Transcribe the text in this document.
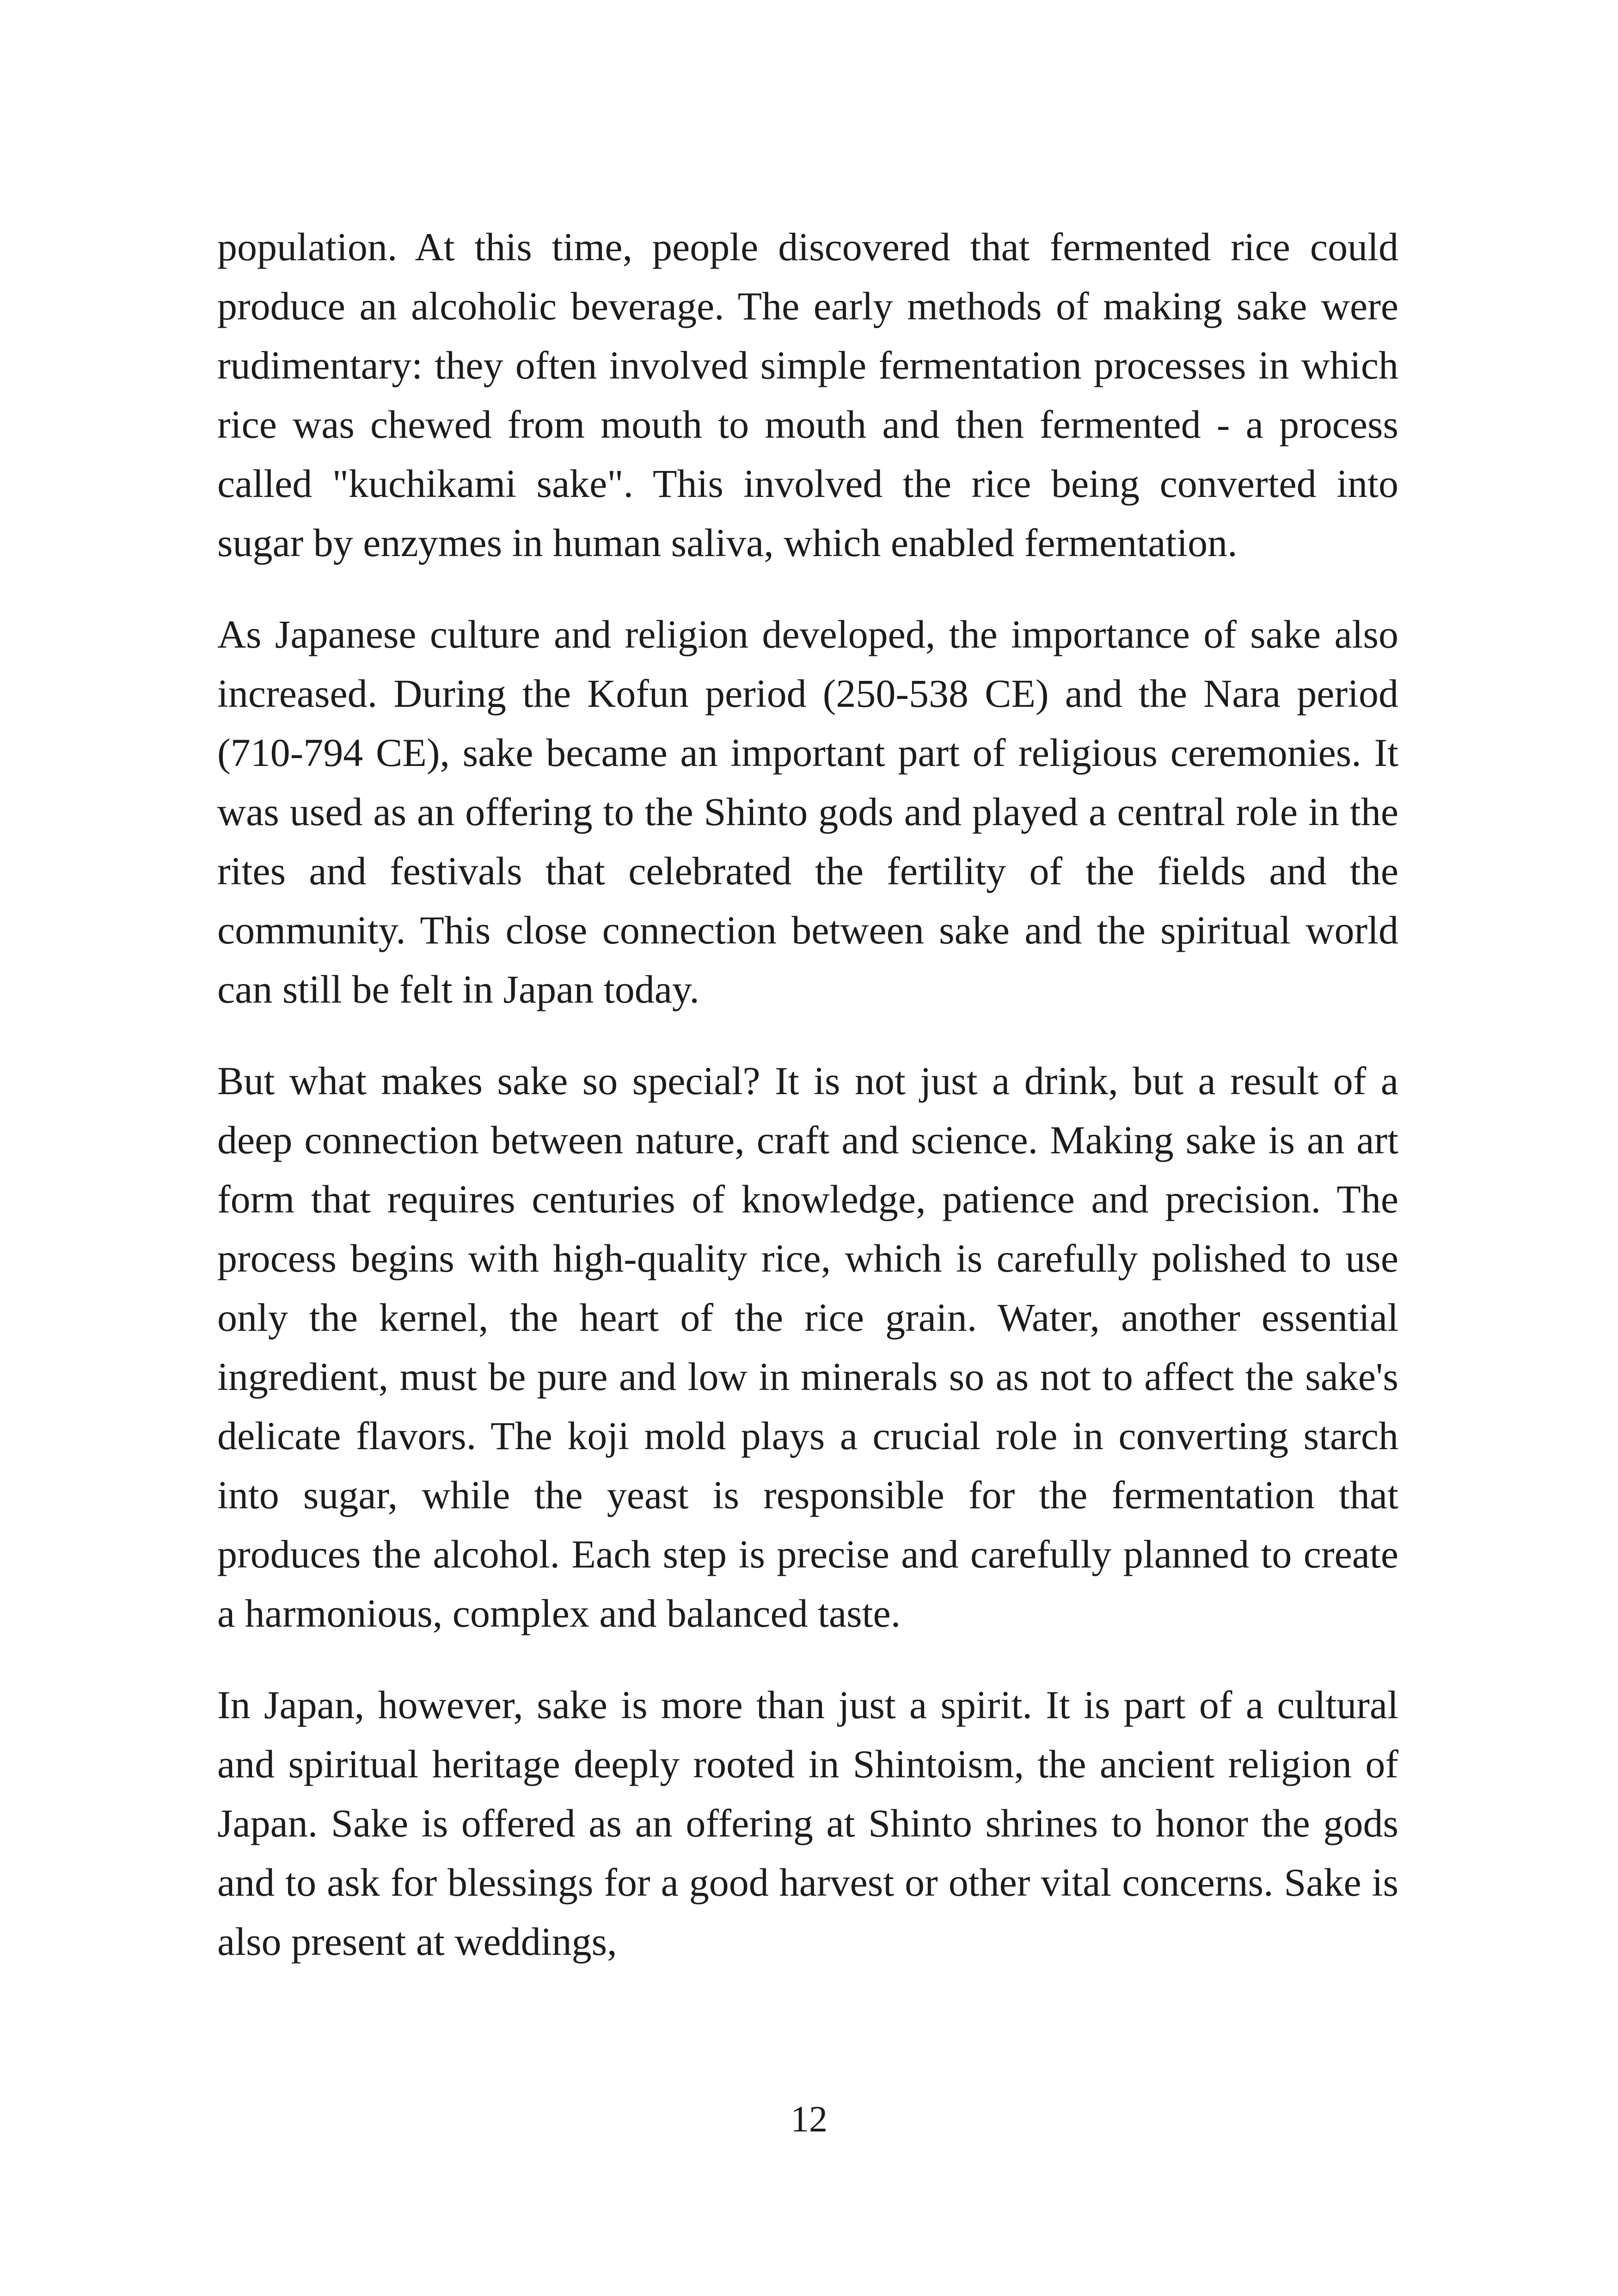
population. At this time, people discovered that fermented rice could produce an alcoholic beverage. The early methods of making sake were rudimentary: they often involved simple fermentation processes in which rice was chewed from mouth to mouth and then fermented - a process called "kuchikami sake". This involved the rice being converted into sugar by enzymes in human saliva, which enabled fermentation.

As Japanese culture and religion developed, the importance of sake also increased. During the Kofun period (250-538 CE) and the Nara period (710-794 CE), sake became an important part of religious ceremonies. It was used as an offering to the Shinto gods and played a central role in the rites and festivals that celebrated the fertility of the fields and the community. This close connection between sake and the spiritual world can still be felt in Japan today.

But what makes sake so special? It is not just a drink, but a result of a deep connection between nature, craft and science. Making sake is an art form that requires centuries of knowledge, patience and precision. The process begins with high-quality rice, which is carefully polished to use only the kernel, the heart of the rice grain. Water, another essential ingredient, must be pure and low in minerals so as not to affect the sake's delicate flavors. The koji mold plays a crucial role in converting starch into sugar, while the yeast is responsible for the fermentation that produces the alcohol. Each step is precise and carefully planned to create a harmonious, complex and balanced taste.

In Japan, however, sake is more than just a spirit. It is part of a cultural and spiritual heritage deeply rooted in Shintoism, the ancient religion of Japan. Sake is offered as an offering at Shinto shrines to honor the gods and to ask for blessings for a good harvest or other vital concerns. Sake is also present at weddings,

12
